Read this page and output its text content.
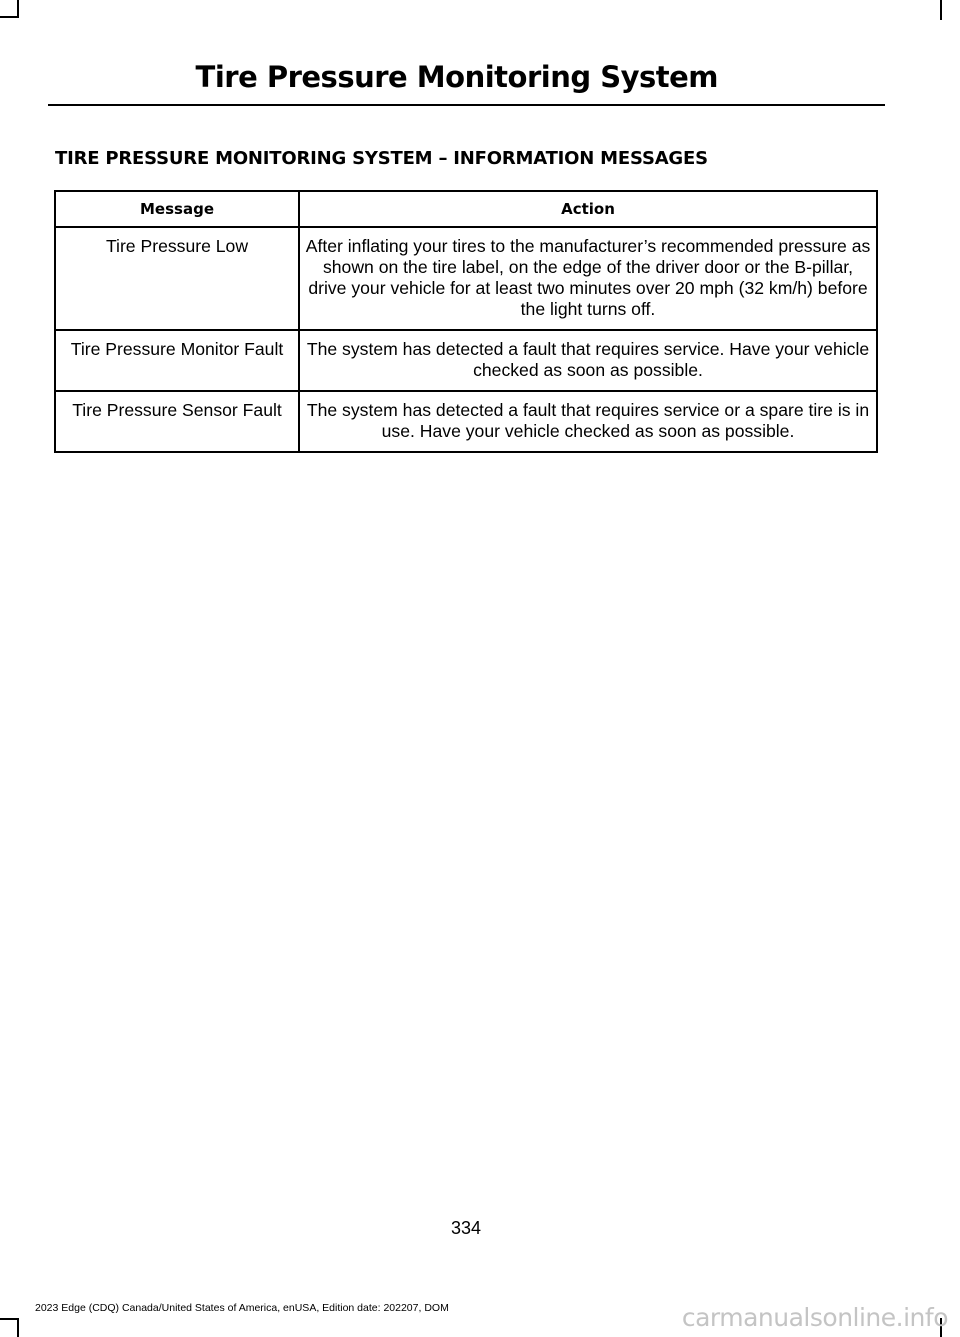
Tire Pressure Monitoring System
TIRE PRESSURE MONITORING SYSTEM – INFORMATION MESSAGES
Message	Action
Tire Pressure Low	After inflating your tires to the manufacturer’s recommended pressure as shown on the tire label, on the edge of the driver door or the B-pillar, drive your vehicle for at least two minutes over 20 mph (32 km/h) before the light turns off.
Tire Pressure Monitor Fault	The system has detected a fault that requires service. Have your vehicle checked as soon as possible.
Tire Pressure Sensor Fault	The system has detected a fault that requires service or a spare tire is in use. Have your vehicle checked as soon as possible.
334
2023 Edge (CDQ) Canada/United States of America, enUSA, Edition date: 202207, DOM	carmanualsonline.info
